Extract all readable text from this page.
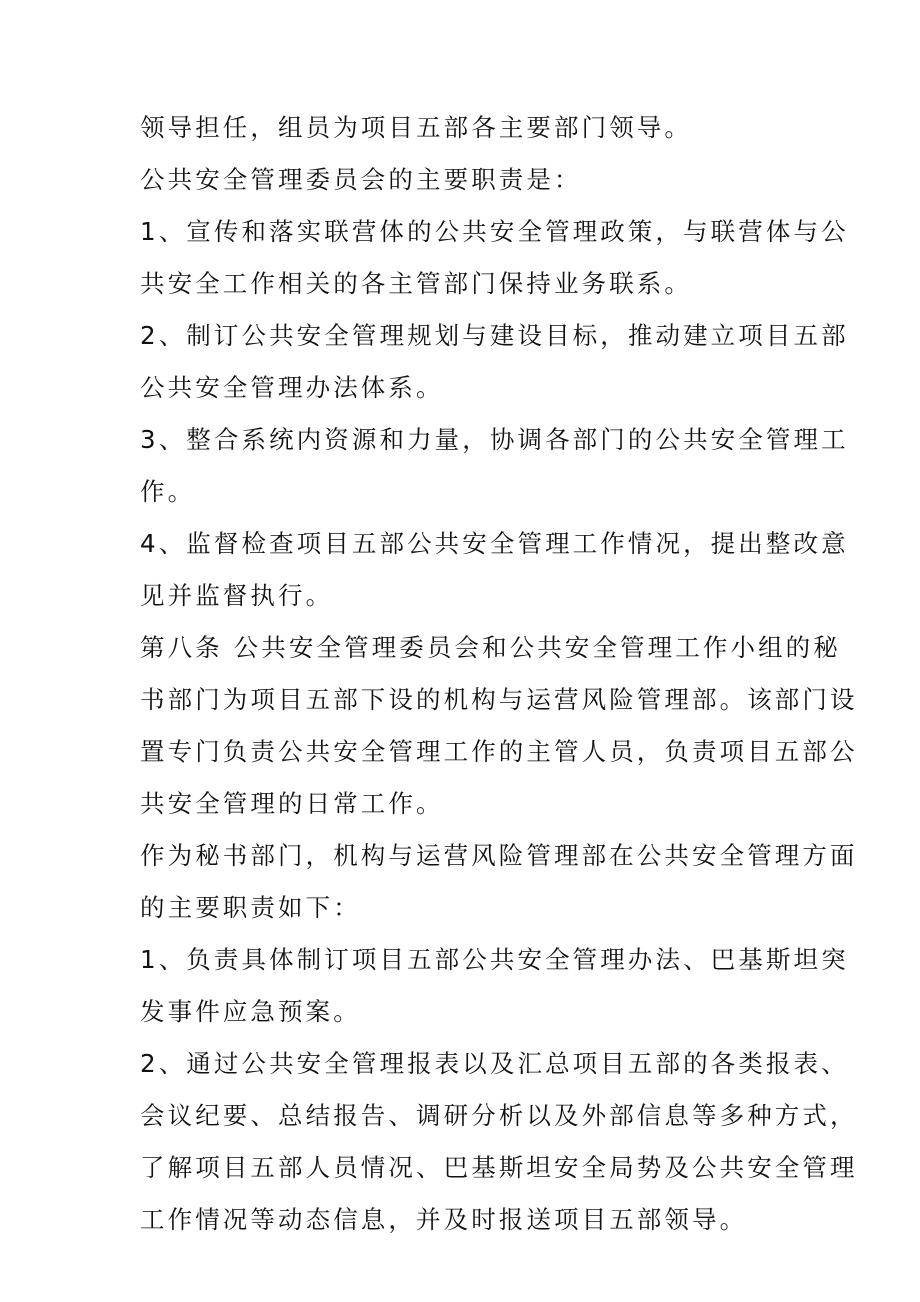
领导担任，组员为项目五部各主要部门领导。
公共安全管理委员会的主要职责是：
1、宣传和落实联营体的公共安全管理政策，与联营体与公
共安全工作相关的各主管部门保持业务联系。
2、制订公共安全管理规划与建设目标，推动建立项目五部
公共安全管理办法体系。
3、整合系统内资源和力量，协调各部门的公共安全管理工
作。
4、监督检查项目五部公共安全管理工作情况，提出整改意
见并监督执行。
第八条 公共安全管理委员会和公共安全管理工作小组的秘
书部门为项目五部下设的机构与运营风险管理部。该部门设
置专门负责公共安全管理工作的主管人员，负责项目五部公
共安全管理的日常工作。
作为秘书部门，机构与运营风险管理部在公共安全管理方面
的主要职责如下：
1、负责具体制订项目五部公共安全管理办法、巴基斯坦突
发事件应急预案。
2、通过公共安全管理报表以及汇总项目五部的各类报表、
会议纪要、总结报告、调研分析以及外部信息等多种方式，
了解项目五部人员情况、巴基斯坦安全局势及公共安全管理
工作情况等动态信息，并及时报送项目五部领导。
